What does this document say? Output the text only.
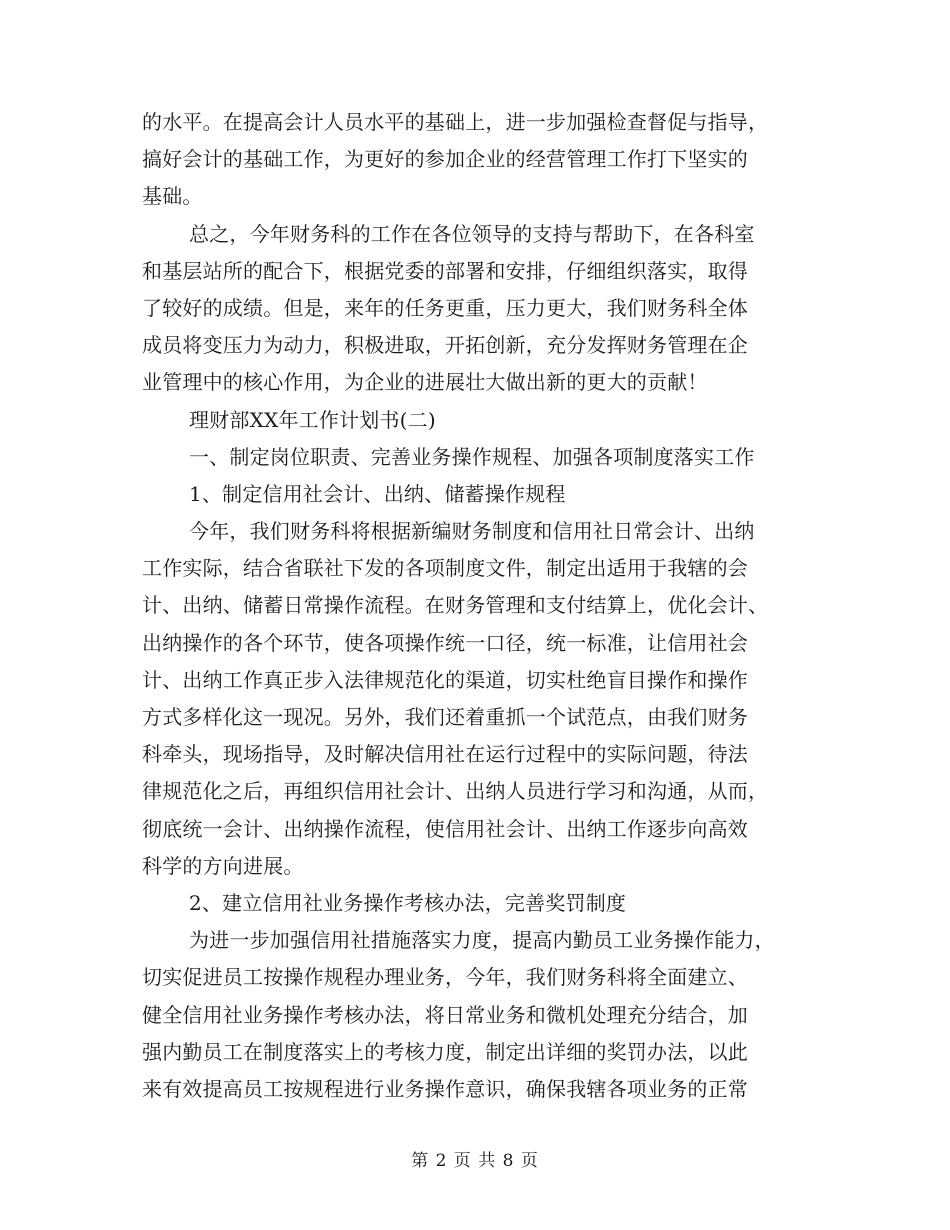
的水平。在提高会计人员水平的基础上，进一步加强检查督促与指导，
搞好会计的基础工作，为更好的参加企业的经营管理工作打下坚实的
基础。
总之，今年财务科的工作在各位领导的支持与帮助下，在各科室
和基层站所的配合下，根据党委的部署和安排，仔细组织落实，取得
了较好的成绩。但是，来年的任务更重，压力更大，我们财务科全体
成员将变压力为动力，积极进取，开拓创新，充分发挥财务管理在企
业管理中的核心作用，为企业的进展壮大做出新的更大的贡献！
理财部XX年工作计划书(二)
一、制定岗位职责、完善业务操作规程、加强各项制度落实工作
1、制定信用社会计、出纳、储蓄操作规程
今年，我们财务科将根据新编财务制度和信用社日常会计、出纳
工作实际，结合省联社下发的各项制度文件，制定出适用于我辖的会
计、出纳、储蓄日常操作流程。在财务管理和支付结算上，优化会计、
出纳操作的各个环节，使各项操作统一口径，统一标准，让信用社会
计、出纳工作真正步入法律规范化的渠道，切实杜绝盲目操作和操作
方式多样化这一现况。另外，我们还着重抓一个试范点，由我们财务
科牵头，现场指导，及时解决信用社在运行过程中的实际问题，待法
律规范化之后，再组织信用社会计、出纳人员进行学习和沟通，从而，
彻底统一会计、出纳操作流程，使信用社会计、出纳工作逐步向高效
科学的方向进展。
2、建立信用社业务操作考核办法，完善奖罚制度
为进一步加强信用社措施落实力度，提高内勤员工业务操作能力，
切实促进员工按操作规程办理业务，今年，我们财务科将全面建立、
健全信用社业务操作考核办法，将日常业务和微机处理充分结合，加
强内勤员工在制度落实上的考核力度，制定出详细的奖罚办法，以此
来有效提高员工按规程进行业务操作意识，确保我辖各项业务的正常
第 2 页 共 8 页
